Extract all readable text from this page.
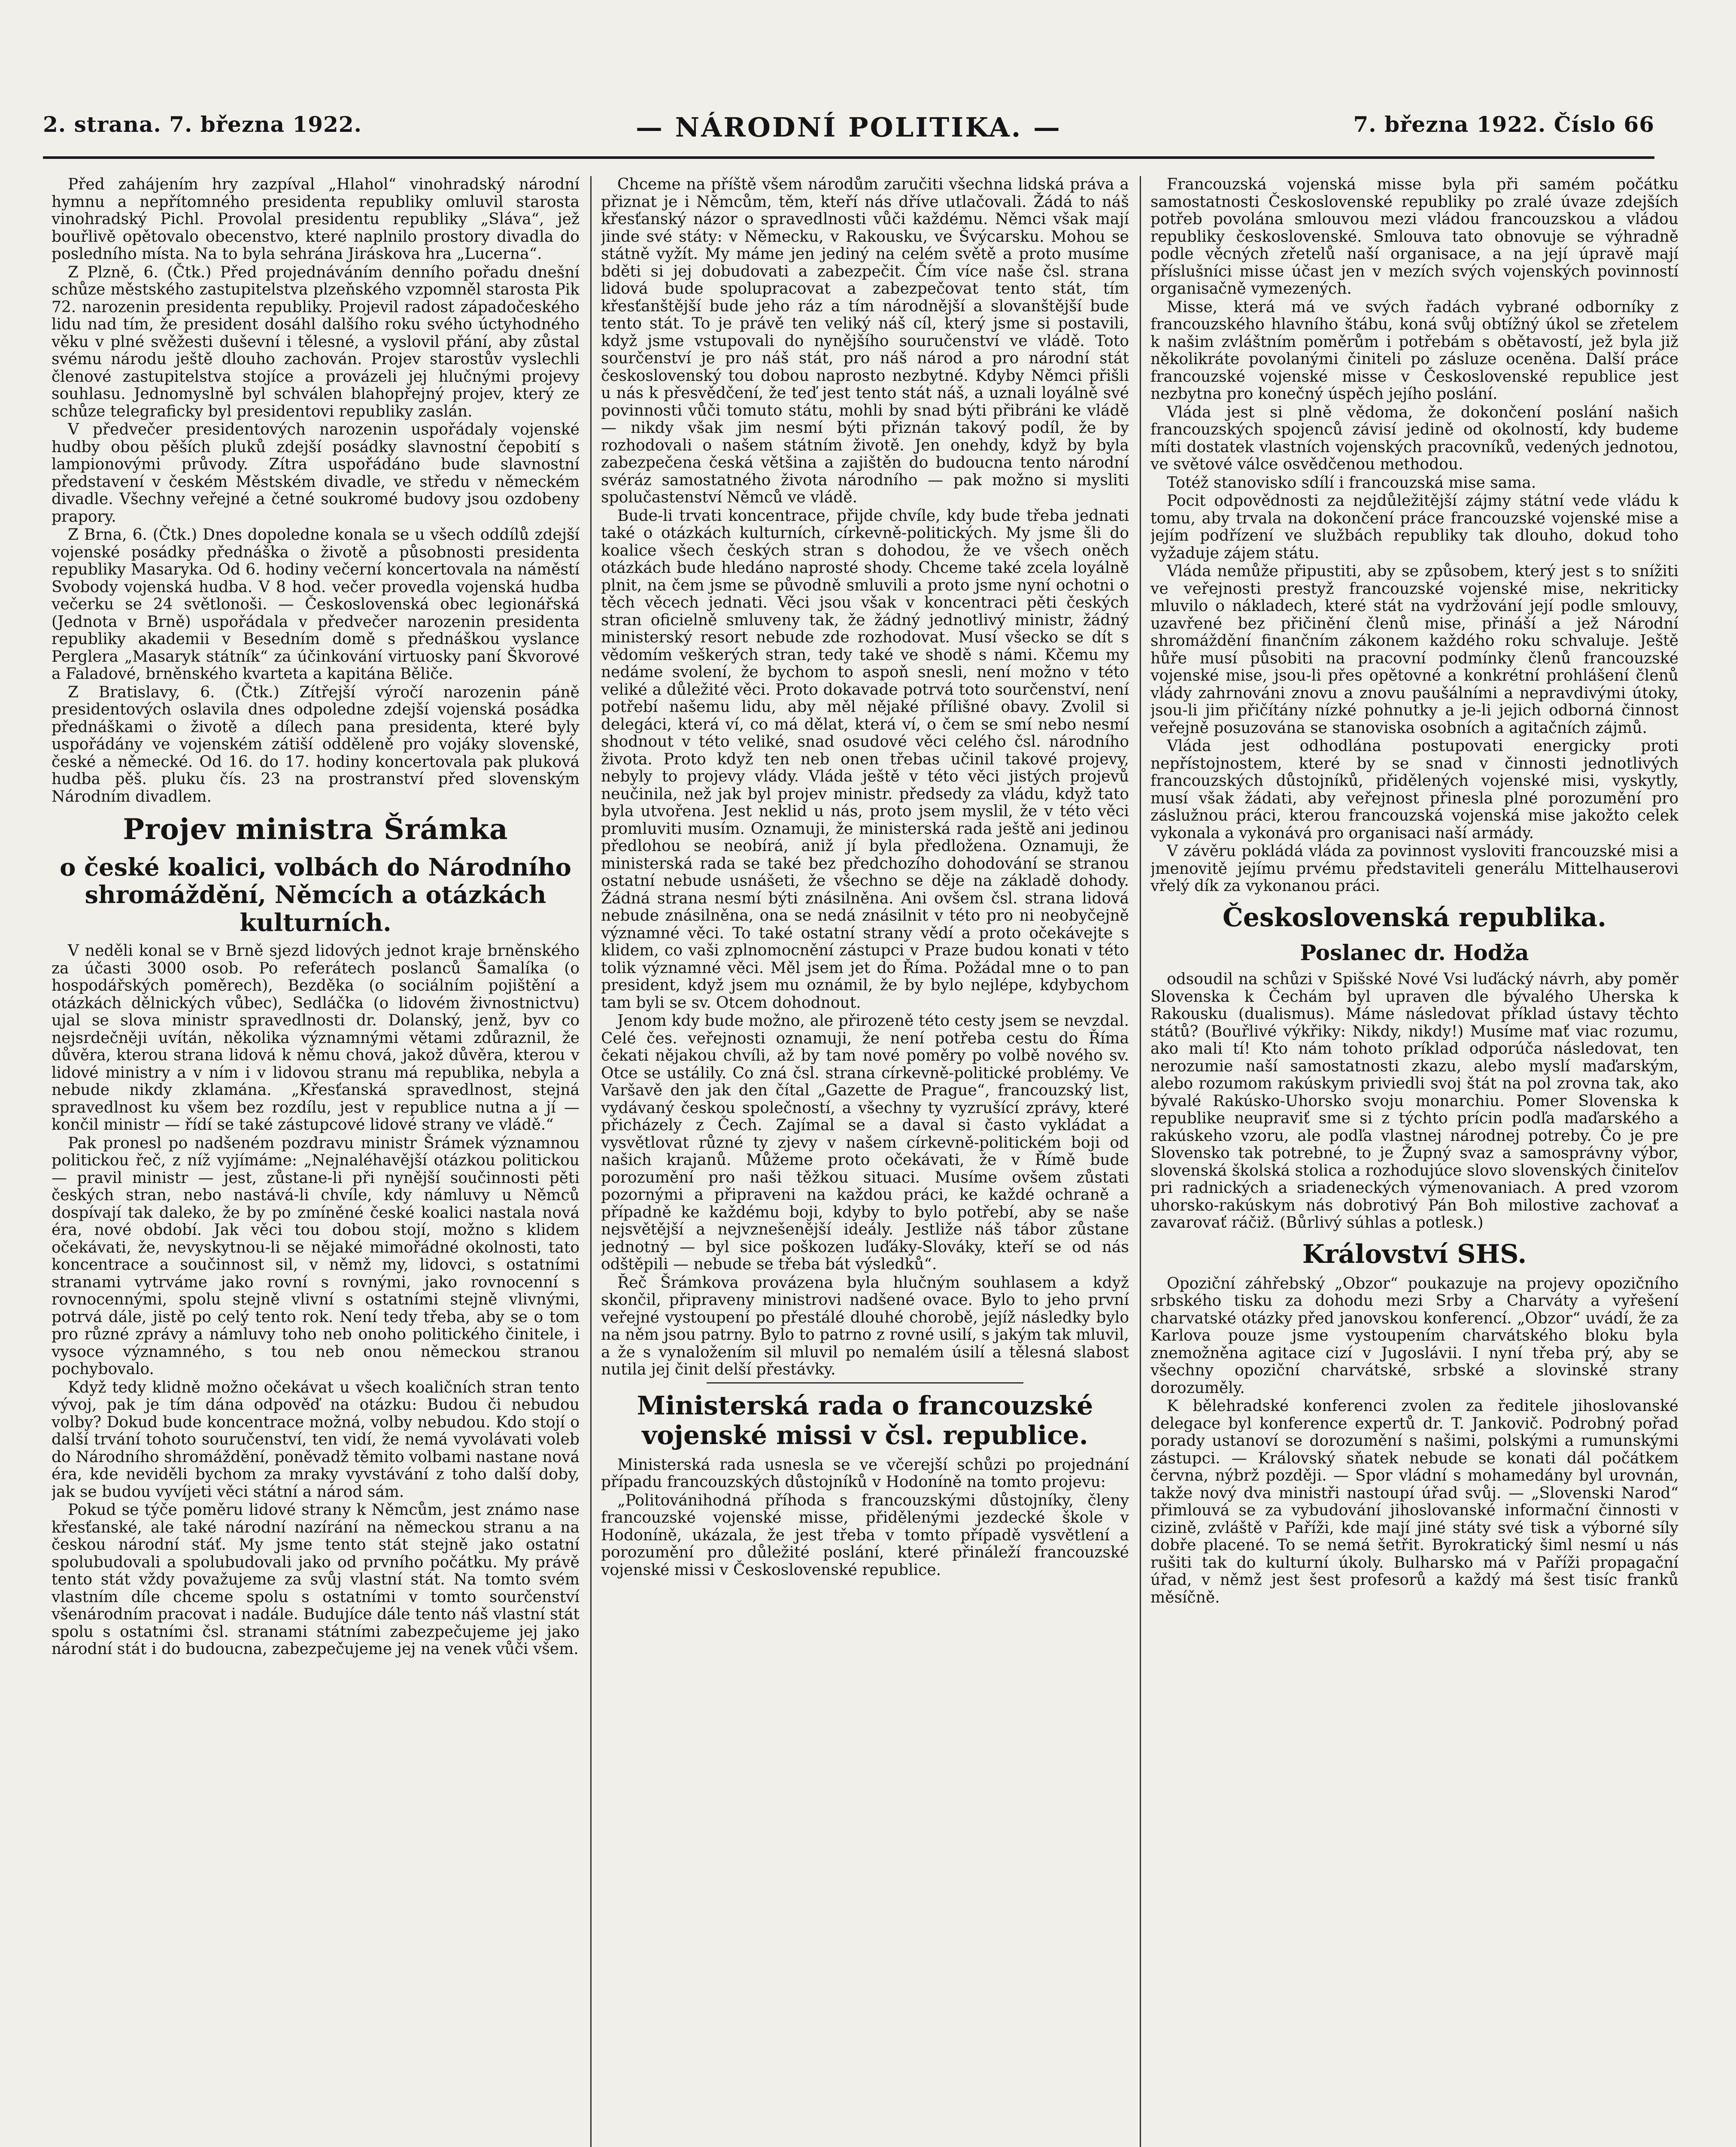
2. strana. 7. března 1922.	— NÁRODNÍ POLITIKA. —	7. března 1922. Číslo 66

Před zahájením hry zazpíval „Hlahol“ vinohradský národní hymnu a nepřítomného presidenta republiky omluvil starosta vinohradský Pichl. Provolal presidentu republiky „Sláva“, jež bouřlivě opětovalo obecenstvo, které naplnilo prostory divadla do posledního místa. Na to byla sehrána Jiráskova hra „Lucerna“.

Z Plzně, 6. (Čtk.) Před projednáváním denního pořadu dnešní schůze městského zastupitelstva plzeňského vzpomněl starosta Pik 72. narozenin presidenta republiky. Projevil radost západočeského lidu nad tím, že president dosáhl dalšího roku svého úctyhodného věku v plné svěžesti duševní i tělesné, a vyslovil přání, aby zůstal svému národu ještě dlouho zachován. Projev starostův vyslechli členové zastupitelstva stojíce a provázeli jej hlučnými projevy souhlasu. Jednomyslně byl schválen blahopřejný projev, který ze schůze telegraficky byl presidentovi republiky zaslán.

V předvečer presidentových narozenin uspořádaly vojenské hudby obou pěších pluků zdejší posádky slavnostní čepobití s lampionovými průvody. Zítra uspořádáno bude slavnostní představení v českém Městském divadle, ve středu v německém divadle. Všechny veřejné a četné soukromé budovy jsou ozdobeny prapory.

Z Brna, 6. (Čtk.) Dnes dopoledne konala se u všech oddílů zdejší vojenské posádky přednáška o životě a působnosti presidenta republiky Masaryka. Od 6. hodiny večerní koncertovala na náměstí Svobody vojenská hudba. V 8 hod. večer provedla vojenská hudba večerku se 24 světlonoši. — Československá obec legionářská (Jednota v Brně) uspořádala v předvečer narozenin presidenta republiky akademii v Besedním domě s přednáškou vyslance Perglera „Masaryk státník“ za účinkování virtuosky paní Škvorové a Faladové, brněnského kvarteta a kapitána Běliče.

Z Bratislavy, 6. (Čtk.) Zítřejší výročí narozenin páně presidentových oslavila dnes odpoledne zdejší vojenská posádka přednáškami o životě a dílech pana presidenta, které byly uspořádány ve vojenském zátiší odděleně pro vojáky slovenské, české a německé. Od 16. do 17. hodiny koncertovala pak pluková hudba pěš. pluku čís. 23 na prostranství před slovenským Národním divadlem.

Projev ministra Šrámka
o české koalici, volbách do Národního shromáždění, Němcích a otázkách kulturních.

V neděli konal se v Brně sjezd lidových jednot kraje brněnského za účasti 3000 osob. Po referátech poslanců Šamalíka (o hospodářských poměrech), Bezděka (o sociálním pojištění a otázkách dělnických vůbec), Sedláčka (o lidovém živnostnictvu) ujal se slova ministr spravedlnosti dr. Dolanský, jenž, byv co nejsrdečněji uvítán, několika významnými větami zdůraznil, že důvěra, kterou strana lidová k němu chová, jakož důvěra, kterou v lidové ministry a v ním i v lidovou stranu má republika, nebyla a nebude nikdy zklamána. „Křesťanská spravedlnost, stejná spravedlnost ku všem bez rozdílu, jest v republice nutna a jí — končil ministr — řídí se také zástupcové lidové strany ve vládě.“

Pak pronesl po nadšeném pozdravu ministr Šrámek významnou politickou řeč, z níž vyjímáme: „Nejnaléhavější otázkou politickou — pravil ministr — jest, zůstane-li při nynější součinnosti pěti českých stran, nebo nastává-li chvíle, kdy námluvy u Němců dospívají tak daleko, že by po zmíněné české koalici nastala nová éra, nové období. Jak věci tou dobou stojí, možno s klidem očekávati, že, nevyskytnou-li se nějaké mimořádné okolnosti, tato koncentrace a součinnost sil, v němž my, lidovci, s ostatními stranami vytrváme jako rovní s rovnými, jako rovnocenní s rovnocennými, spolu stejně vlivní s ostatními stejně vlivnými, potrvá dále, jistě po celý tento rok. Není tedy třeba, aby se o tom pro různé zprávy a námluvy toho neb onoho politického činitele, i vysoce významného, s tou neb onou německou stranou pochybovalo.

Když tedy klidně možno očekávat u všech koaličních stran tento vývoj, pak je tím dána odpověď na otázku: Budou či nebudou volby? Dokud bude koncentrace možná, volby nebudou. Kdo stojí o další trvání tohoto souručenství, ten vidí, že nemá vyvolávati voleb do Národního shromáždění, poněvadž těmito volbami nastane nová éra, kde neviděli bychom za mraky vyvstávání z toho další doby, jak se budou vyvíjeti věci státní a národ sám.

Pokud se týče poměru lidové strany k Němcům, jest známo nase křesťanské, ale také národní nazírání na německou stranu a na českou národní stáť. My jsme tento stát stejně jako ostatní spolubudovali a spolubudovali jako od prvního počátku. My právě tento stát vždy považujeme za svůj vlastní stát. Na tomto svém vlastním díle chceme spolu s ostatními v tomto sourčenství všenárodním pracovat i nadále. Budujíce dále tento náš vlastní stát spolu s ostatními čsl. stranami státními zabezpečujeme jej jako národní stát i do budoucna, zabezpečujeme jej na venek vůči všem.

Chceme na příště všem národům zaručiti všechna lidská práva a přiznat je i Němcům, těm, kteří nás dříve utlačovali. Žádá to náš křesťanský názor o spravedlnosti vůči každému. Němci však mají jinde své státy: v Německu, v Rakousku, ve Švýcarsku. Mohou se státně vyžít. My máme jen jediný na celém světě a proto musíme bděti si jej dobudovati a zabezpečit. Čím více naše čsl. strana lidová bude spolupracovat a zabezpečovat tento stát, tím křesťanštější bude jeho ráz a tím národnější a slovanštější bude tento stát. To je právě ten veliký náš cíl, který jsme si postavili, když jsme vstupovali do nynějšího souručenství ve vládě. Toto sourčenství je pro náš stát, pro náš národ a pro národní stát československý tou dobou naprosto nezbytné. Kdyby Němci přišli u nás k přesvědčení, že teď jest tento stát náš, a uznali loyálně své povinnosti vůči tomuto státu, mohli by snad býti přibráni ke vládě — nikdy však jim nesmí býti přiznán takový podíl, že by rozhodovali o našem státním životě. Jen onehdy, když by byla zabezpečena česká většina a zajištěn do budoucna tento národní svéráz samostatného života národního — pak možno si mysliti spolučastenství Němců ve vládě.

Bude-li trvati koncentrace, přijde chvíle, kdy bude třeba jednati také o otázkách kulturních, církevně-politických. My jsme šli do koalice všech českých stran s dohodou, že ve všech oněch otázkách bude hledáno naprosté shody. Chceme také zcela loyálně plnit, na čem jsme se původně smluvili a proto jsme nyní ochotni o těch věcech jednati. Věci jsou však v koncentraci pěti českých stran oficielně smluveny tak, že žádný jednotlivý ministr, žádný ministerský resort nebude zde rozhodovat. Musí všecko se dít s vědomím veškerých stran, tedy také ve shodě s námi. Kčemu my nedáme svolení, že bychom to aspoň snesli, není možno v této veliké a důležité věci. Proto dokavade potrvá toto sourčenství, není potřebí našemu lidu, aby měl nějaké přílišné obavy. Zvolil si delegáci, která ví, co má dělat, která ví, o čem se smí nebo nesmí shodnout v této veliké, snad osudové věci celého čsl. národního života. Proto když ten neb onen třebas učinil takové projevy, nebyly to projevy vlády. Vláda ještě v této věci jistých projevů neučinila, než jak byl projev ministr. předsedy za vládu, když tato byla utvořena. Jest neklid u nás, proto jsem myslil, že v této věci promluviti musím. Oznamuji, že ministerská rada ještě ani jedinou předlohou se neobírá, aniž jí byla předložena. Oznamuji, že ministerská rada se také bez předchozího dohodování se stranou ostatní nebude usnášeti, že všechno se děje na základě dohody. Žádná strana nesmí býti znásilněna. Ani ovšem čsl. strana lidová nebude znásilněna, ona se nedá znásilnit v této pro ni neobyčejně významné věci. To také ostatní strany vědí a proto očekávejte s klidem, co vaši zplnomocnění zástupci v Praze budou konati v této tolik významné věci. Měl jsem jet do Říma. Požádal mne o to pan president, když jsem mu oznámil, že by bylo nejlépe, kdybychom tam byli se sv. Otcem dohodnout.

Jenom kdy bude možno, ale přirozeně této cesty jsem se nevzdal. Celé čes. veřejnosti oznamuji, že není potřeba cestu do Říma čekati nějakou chvíli, až by tam nové poměry po volbě nového sv. Otce se ustálily. Co zná čsl. strana církevně-politické problémy. Ve Varšavě den jak den čítal „Gazette de Prague“, francouzský list, vydávaný českou společností, a všechny ty vyzrušící zprávy, které přicházely z Čech. Zajímal se a daval si často vykládat a vysvětlovat různé ty zjevy v našem církevně-politickém boji od našich krajanů. Můžeme proto očekávati, že v Římě bude porozumění pro naši těžkou situaci. Musíme ovšem zůstati pozornými a připraveni na každou práci, ke každé ochraně a případně ke každému boji, kdyby to bylo potřebí, aby se naše nejsvětější a nejvznešenější ideály. Jestliže náš tábor zůstane jednotný — byl sice poškozen luďáky-Slováky, kteří se od nás odštěpili — nebude se třeba bát výsledků“.

Řeč Šrámkova provázena byla hlučným souhlasem a když skončil, připraveny ministrovi nadšené ovace. Bylo to jeho první veřejné vystoupení po přestálé dlouhé chorobě, jejíž následky bylo na něm jsou patrny. Bylo to patrno z rovné usilí, s jakým tak mluvil, a že s vynaložením sil mluvil po nemalém úsilí a tělesná slabost nutila jej činit delší přestávky.

Ministerská rada o francouzské vojenské missi v čsl. republice.

Ministerská rada usnesla se ve včerejší schůzi po projednání případu francouzských důstojníků v Hodoníně na tomto projevu:

„Politovánihodná příhoda s francouzskými důstojníky, členy francouzské vojenské misse, přidělenými jezdecké škole v Hodoníně, ukázala, že jest třeba v tomto případě vysvětlení a porozumění pro důležité poslání, které přináleží francouzské vojenské missi v Československé republice.

Francouzská vojenská misse byla při samém počátku samostatnosti Československé republiky po zralé úvaze zdejších potřeb povolána smlouvou mezi vládou francouzskou a vládou republiky československé. Smlouva tato obnovuje se výhradně podle věcných zřetelů naší organisace, a na její úpravě mají příslušníci misse účast jen v mezích svých vojenských povinností organisačně vymezených.

Misse, která má ve svých řadách vybrané odborníky z francouzského hlavního štábu, koná svůj obtížný úkol se zřetelem k našim zvláštním poměrům i potřebám s obětavostí, jež byla již několikráte povolanými činiteli po zásluze oceněna. Další práce francouzské vojenské misse v Československé republice jest nezbytna pro konečný úspěch jejího poslání.

Vláda jest si plně vědoma, že dokončení poslání našich francouzských spojenců závisí jedině od okolností, kdy budeme míti dostatek vlastních vojenských pracovníků, vedených jednotou, ve světové válce osvědčenou methodou.

Totéž stanovisko sdílí i francouzská mise sama.

Pocit odpovědnosti za nejdůležitější zájmy státní vede vládu k tomu, aby trvala na dokončení práce francouzské vojenské mise a jejím podřízení ve službách republiky tak dlouho, dokud toho vyžaduje zájem státu.

Vláda nemůže připustiti, aby se způsobem, který jest s to snížiti ve veřejnosti prestyž francouzské vojenské mise, nekriticky mluvilo o nákladech, které stát na vydržování její podle smlouvy, uzavřené bez přičinění členů mise, přináší a jež Národní shromáždění finančním zákonem každého roku schvaluje. Ještě hůře musí působiti na pracovní podmínky členů francouzské vojenské mise, jsou-li přes opětovné a konkrétní prohlášení členů vlády zahrnováni znovu a znovu paušálními a nepravdivými útoky, jsou-li jim přičítány nízké pohnutky a je-li jejich odborná činnost veřejně posuzována se stanoviska osobních a agitačních zájmů.

Vláda jest odhodlána postupovati energicky proti nepřístojnostem, které by se snad v činnosti jednotlivých francouzských důstojníků, přidělených vojenské misi, vyskytly, musí však žádati, aby veřejnost přinesla plné porozumění pro záslužnou práci, kterou francouzská vojenská mise jakožto celek vykonala a vykonává pro organisaci naší armády.

V závěru pokládá vláda za povinnost vysloviti francouzské misi a jmenovitě jejímu prvému představiteli generálu Mittelhauserovi vřelý dík za vykonanou práci.

Československá republika.
Poslanec dr. Hodža

odsoudil na schůzi v Spišské Nové Vsi luďácký návrh, aby poměr Slovenska k Čechám byl upraven dle bývalého Uherska k Rakousku (dualismus). Máme následovat příklad ústavy těchto států? (Bouřlivé výkřiky: Nikdy, nikdy!) Musíme mať viac rozumu, ako mali tí! Kto nám tohoto príklad odporúča následovat, ten nerozumie naší samostatnosti zkazu, alebo myslí maďarským, alebo rozumom rakúskym priviedli svoj štát na pol zrovna tak, ako bývalé Rakúsko-Uhorsko svoju monarchiu. Pomer Slovenska k republike neupraviť sme si z týchto prícin podľa maďarského a rakúskeho vzoru, ale podľa vlastnej národnej potreby. Čo je pre Slovensko tak potrebné, to je Župný svaz a samosprávny výbor, slovenská školská stolica a rozhodujúce slovo slovenských činiteľov pri radnických a sriadeneckých výmenovaniach. A pred vzorom uhorsko-rakúskym nás dobrotivý Pán Boh milostive zachovať a zavarovať ráčiž. (Bůrlivý súhlas a potlesk.)

Království SHS.

Opoziční záhřebský „Obzor“ poukazuje na projevy opozičního srbského tisku za dohodu mezi Srby a Charváty a vyřešení charvatské otázky před janovskou konferencí. „Obzor“ uvádí, že za Karlova pouze jsme vystoupením charvátského bloku byla znemožněna agitace cizí v Jugoslávii. I nyní třeba prý, aby se všechny opoziční charvátské, srbské a slovinské strany dorozuměly.

K bělehradské konferenci zvolen za ředitele jihoslovanské delegace byl konference expertů dr. T. Jankovič. Podrobný pořad porady ustanoví se dorozumění s našimi, polskými a rumunskými zástupci. — Královský sňatek nebude se konati dál počátkem června, nýbrž později. — Spor vládní s mohamedány byl urovnán, takže nový dva ministři nastoupí úřad svůj. — „Slovenski Narod“ přimlouvá se za vybudování jihoslovanské informační činnosti v cizině, zvláště v Paříži, kde mají jiné státy své tisk a výborné síly dobře placené. To se nemá šetřit. Byrokratický šiml nesmí u nás rušiti tak do kulturní úkoly. Bulharsko má v Paříži propagační úřad, v němž jest šest profesorů a každý má šest tisíc franků měsíčně.
